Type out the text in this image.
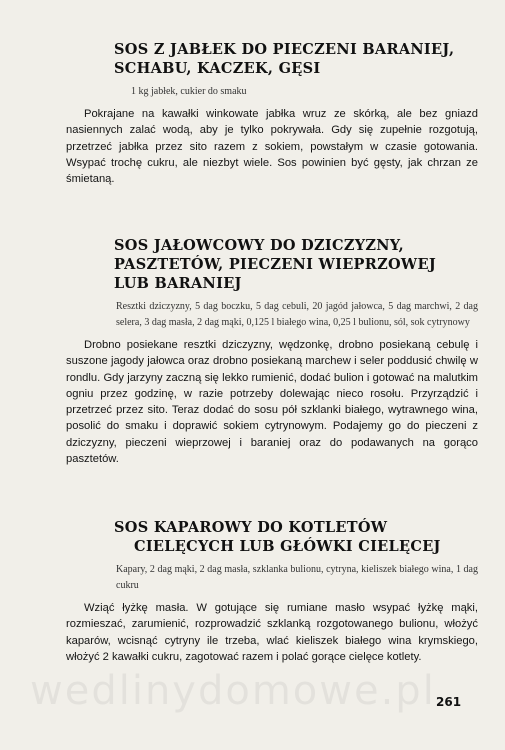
wedlinydomowe.pl
SOS Z JABŁEK DO PIECZENI BARANIEJ,
SCHABU, KACZEK, GĘSI
1 kg jabłek, cukier do smaku

Pokrajane na kawałki winkowate jabłka wruz ze skórką, ale bez gniazd nasiennych zalać wodą, aby je tylko pokrywała. Gdy się zupełnie rozgotują, przetrzeć jabłka przez sito razem z sokiem, powstałym w czasie gotowania. Wsypać trochę cukru, ale niezbyt wiele. Sos powinien być gęsty, jak chrzan ze śmietaną.

SOS JAŁOWCOWY DO DZICZYZNY,
PASZTETÓW, PIECZENI WIEPRZOWEJ
LUB BARANIEJ
Resztki dziczyzny, 5 dag boczku, 5 dag cebuli, 20 jagód jałowca, 5 dag marchwi, 2 dag selera, 3 dag masła, 2 dag mąki, 0,125 l białego wina, 0,25 l bulionu, sól, sok cytrynowy

Drobno posiekane resztki dziczyzny, wędzonkę, drobno posiekaną cebulę i suszone jagody jałowca oraz drobno posiekaną marchew i seler poddusić chwilę w rondlu. Gdy jarzyny zaczną się lekko rumienić, dodać bulion i gotować na malutkim ogniu przez godzinę, w razie potrzeby dolewając nieco rosołu. Przyrządzić i przetrzeć przez sito. Teraz dodać do sosu pół szklanki białego, wytrawnego wina, posolić do smaku i doprawić sokiem cytrynowym. Podajemy go do pieczeni z dziczyzny, pieczeni wieprzowej i baraniej oraz do podawanych na gorąco pasztetów.

SOS KAPAROWY DO KOTLETÓW
CIELĘCYCH LUB GŁÓWKI CIELĘCEJ
Kapary, 2 dag mąki, 2 dag masła, szklanka bulionu, cytryna, kieliszek białego wina, 1 dag cukru

Wziąć łyżkę masła. W gotujące się rumiane masło wsypać łyżkę mąki, rozmieszać, zarumienić, rozprowadzić szklanką rozgotowanego bulionu, włożyć kaparów, wcisnąć cytryny ile trzeba, wlać kieliszek białego wina krymskiego, włożyć 2 kawałki cukru, zagotować razem i polać gorące cielęce kotlety.

261
